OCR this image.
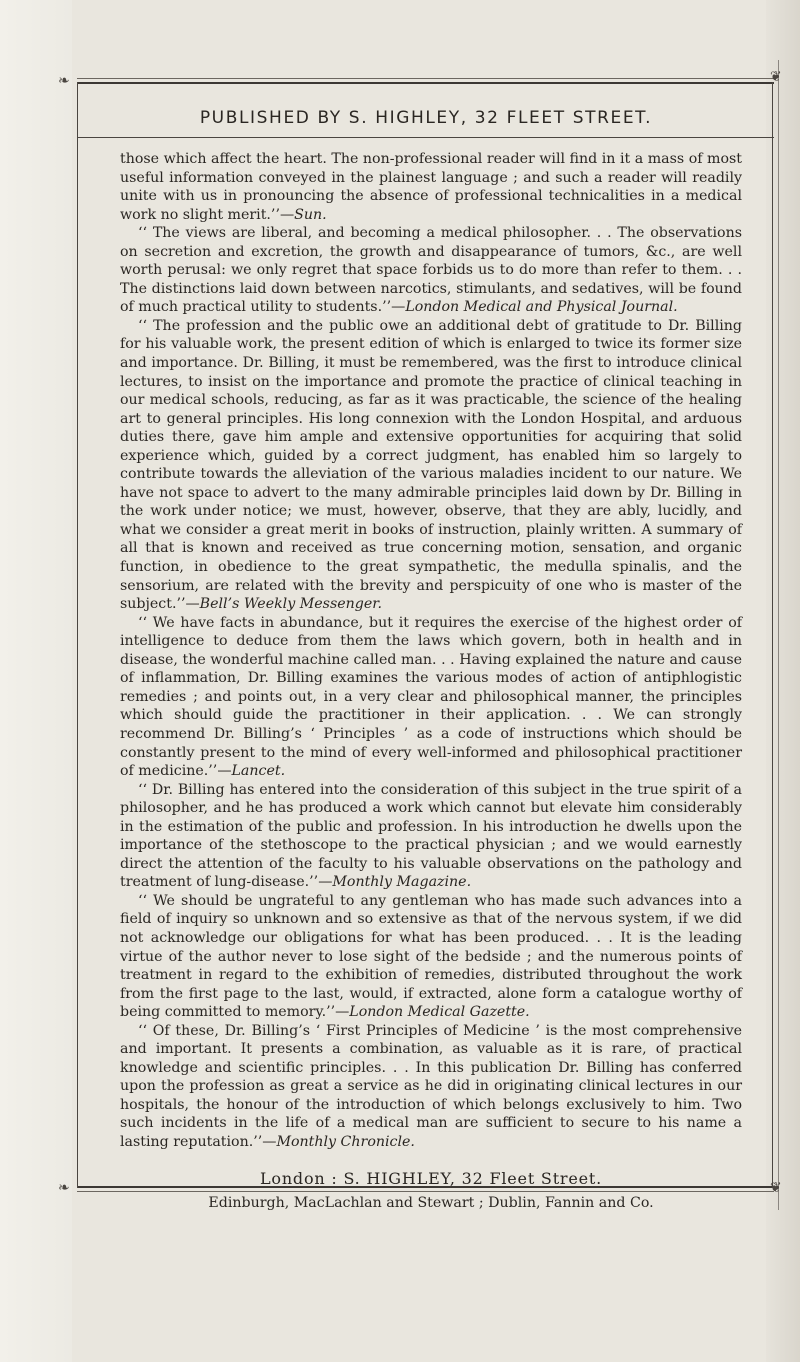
❧	❦
❧	❦
PUBLISHED BY S. HIGHLEY, 32 FLEET STREET.

those which affect the heart. The non-professional reader will find in it a mass of most useful information conveyed in the plainest language ; and such a reader will readily unite with us in pronouncing the absence of professional technicalities in a medical work no slight merit.’’—Sun.

‘‘ The views are liberal, and becoming a medical philosopher. . . The observations on secretion and excretion, the growth and disappearance of tumors, &c., are well worth perusal: we only regret that space forbids us to do more than refer to them. . . The distinctions laid down between narcotics, stimulants, and sedatives, will be found of much practical utility to students.’’—London Medical and Physical Journal.

‘‘ The profession and the public owe an additional debt of gratitude to Dr. Billing for his valuable work, the present edition of which is enlarged to twice its former size and importance. Dr. Billing, it must be remembered, was the first to introduce clinical lectures, to insist on the importance and promote the practice of clinical teaching in our medical schools, reducing, as far as it was practicable, the science of the healing art to general principles. His long connexion with the London Hospital, and arduous duties there, gave him ample and extensive opportunities for acquiring that solid experience which, guided by a correct judgment, has enabled him so largely to contribute towards the alleviation of the various maladies incident to our nature. We have not space to advert to the many admirable principles laid down by Dr. Billing in the work under notice; we must, however, observe, that they are ably, lucidly, and what we consider a great merit in books of instruction, plainly written. A summary of all that is known and received as true concerning motion, sensation, and organic function, in obedience to the great sympathetic, the medulla spinalis, and the sensorium, are related with the brevity and perspicuity of one who is master of the subject.’’—Bell’s Weekly Messenger.

‘‘ We have facts in abundance, but it requires the exercise of the highest order of intelligence to deduce from them the laws which govern, both in health and in disease, the wonderful machine called man. . . Having explained the nature and cause of inflammation, Dr. Billing examines the various modes of action of antiphlogistic remedies ; and points out, in a very clear and philosophical manner, the principles which should guide the practitioner in their application. . . We can strongly recommend Dr. Billing’s ‘ Principles ’ as a code of instructions which should be constantly present to the mind of every well-informed and philosophical practitioner of medicine.’’—Lancet.

‘‘ Dr. Billing has entered into the consideration of this subject in the true spirit of a philosopher, and he has produced a work which cannot but elevate him considerably in the estimation of the public and profession. In his introduction he dwells upon the importance of the stethoscope to the practical physician ; and we would earnestly direct the attention of the faculty to his valuable observations on the pathology and treatment of lung-disease.’’—Monthly Magazine.

‘‘ We should be ungrateful to any gentleman who has made such advances into a field of inquiry so unknown and so extensive as that of the nervous system, if we did not acknowledge our obligations for what has been produced. . . It is the leading virtue of the author never to lose sight of the bedside ; and the numerous points of treatment in regard to the exhibition of remedies, distributed throughout the work from the first page to the last, would, if extracted, alone form a catalogue worthy of being committed to memory.’’—London Medical Gazette.

‘‘ Of these, Dr. Billing’s ‘ First Principles of Medicine ’ is the most comprehensive and important. It presents a combination, as valuable as it is rare, of practical knowledge and scientific principles. . . In this publication Dr. Billing has conferred upon the profession as great a service as he did in originating clinical lectures in our hospitals, the honour of the introduction of which belongs exclusively to him. Two such incidents in the life of a medical man are sufficient to secure to his name a lasting reputation.’’—Monthly Chronicle.

London : S. HIGHLEY, 32 Fleet Street.
Edinburgh, MacLachlan and Stewart ; Dublin, Fannin and Co.
